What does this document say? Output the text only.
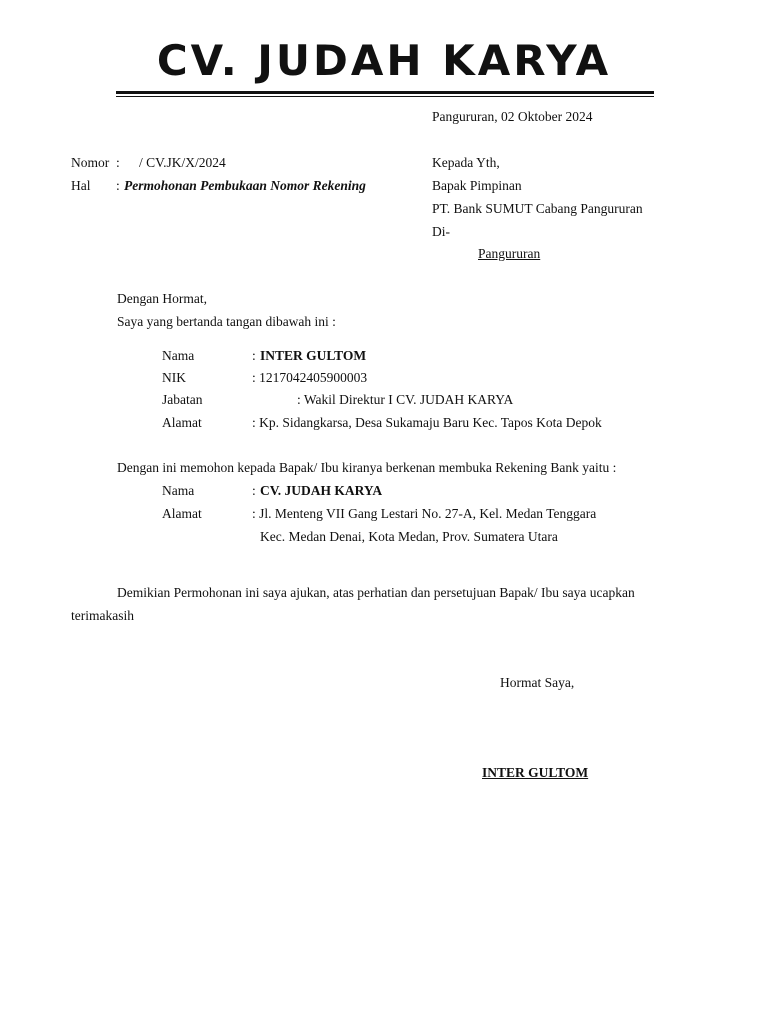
CV. JUDAH KARYA
Pangururan, 02 Oktober 2024
Nomor : / CV.JK/X/2024
Hal : Permohonan Pembukaan Nomor Rekening
Kepada Yth,
Bapak Pimpinan
PT. Bank SUMUT Cabang Pangururan
Di-
Pangururan
Dengan Hormat,
Saya yang bertanda tangan dibawah ini :
Nama	: INTER GULTOM
NIK	: 1217042405900003
Jabatan	: Wakil Direktur I CV. JUDAH KARYA
Alamat	: Kp. Sidangkarsa, Desa Sukamaju Baru Kec. Tapos Kota Depok
Dengan ini memohon kepada Bapak/ Ibu kiranya berkenan membuka Rekening Bank yaitu :
Nama	: CV. JUDAH KARYA
Alamat	: Jl. Menteng VII Gang Lestari No. 27-A, Kel. Medan Tenggara
Kec. Medan Denai, Kota Medan, Prov. Sumatera Utara
Demikian Permohonan ini saya ajukan, atas perhatian dan persetujuan Bapak/ Ibu saya ucapkan
terimakasih
Hormat Saya,
INTER GULTOM
